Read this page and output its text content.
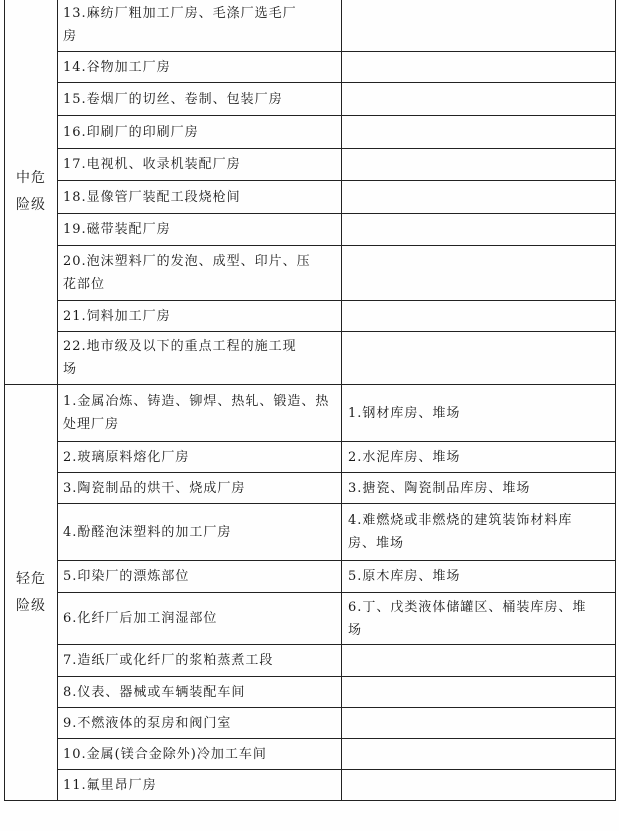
中危
险级	13.麻纺厂粗加工厂房、毛涤厂选毛厂
房	

	14.谷物加工厂房	

	15.卷烟厂的切丝、卷制、包装厂房	

	16.印刷厂的印刷厂房	

	17.电视机、收录机装配厂房	

	18.显像管厂装配工段烧枪间	

	19.磁带装配厂房	

	20.泡沫塑料厂的发泡、成型、印片、压
花部位	

	21.饲料加工厂房	

	22.地市级及以下的重点工程的施工现
场	

轻危
险级	1.金属冶炼、铸造、铆焊、热轧、锻造、热
处理厂房	1.钢材库房、堆场

	2.玻璃原料熔化厂房	2.水泥库房、堆场

	3.陶瓷制品的烘干、烧成厂房	3.搪瓷、陶瓷制品库房、堆场

	4.酚醛泡沫塑料的加工厂房	4.难燃烧或非燃烧的建筑装饰材料库
房、堆场

	5.印染厂的漂炼部位	5.原木库房、堆场

	6.化纤厂后加工润湿部位	6.丁、戊类液体储罐区、桶装库房、堆
场

	7.造纸厂或化纤厂的浆粕蒸煮工段	

	8.仪表、器械或车辆装配车间	

	9.不燃液体的泵房和阀门室	

	10.金属(镁合金除外)冷加工车间	

	11.氟里昂厂房	
